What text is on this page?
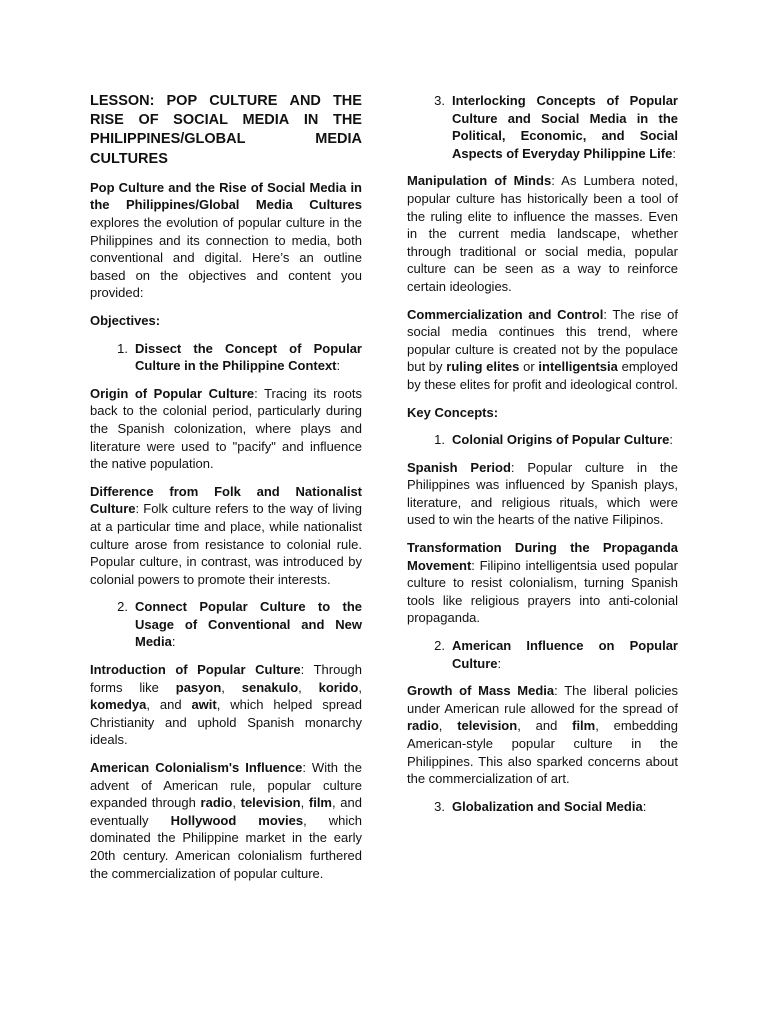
LESSON: POP CULTURE AND THE
RISE OF SOCIAL MEDIA IN THE
PHILIPPINES/GLOBAL	MEDIA
CULTURES

Pop Culture and the Rise of Social Media in the Philippines/Global Media Cultures explores the evolution of popular culture in the Philippines and its connection to media, both conventional and digital. Here’s an outline based on the objectives and content you provided:

Objectives:

1. Dissect the Concept of Popular Culture in the Philippine Context:

Origin of Popular Culture: Tracing its roots back to the colonial period, particularly during the Spanish colonization, where plays and literature were used to "pacify" and influence the native population.

Difference from Folk and Nationalist Culture: Folk culture refers to the way of living at a particular time and place, while nationalist culture arose from resistance to colonial rule. Popular culture, in contrast, was introduced by colonial powers to promote their interests.

2. Connect Popular Culture to the Usage of Conventional and New Media:

Introduction of Popular Culture: Through forms like pasyon, senakulo, korido, komedya, and awit, which helped spread Christianity and uphold Spanish monarchy ideals.

American Colonialism's Influence: With the advent of American rule, popular culture expanded through radio, television, film, and eventually Hollywood movies, which dominated the Philippine market in the early 20th century. American colonialism furthered the commercialization of popular culture.

3. Interlocking Concepts of Popular Culture and Social Media in the Political, Economic, and Social Aspects of Everyday Philippine Life:

Manipulation of Minds: As Lumbera noted, popular culture has historically been a tool of the ruling elite to influence the masses. Even in the current media landscape, whether through traditional or social media, popular culture can be seen as a way to reinforce certain ideologies.

Commercialization and Control: The rise of social media continues this trend, where popular culture is created not by the populace but by ruling elites or intelligentsia employed by these elites for profit and ideological control.

Key Concepts:

1. Colonial Origins of Popular Culture:

Spanish Period: Popular culture in the Philippines was influenced by Spanish plays, literature, and religious rituals, which were used to win the hearts of the native Filipinos.

Transformation During the Propaganda Movement: Filipino intelligentsia used popular culture to resist colonialism, turning Spanish tools like religious prayers into anti-colonial propaganda.

2. American Influence on Popular Culture:

Growth of Mass Media: The liberal policies under American rule allowed for the spread of radio, television, and film, embedding American-style popular culture in the Philippines. This also sparked concerns about the commercialization of art.

3. Globalization and Social Media:
